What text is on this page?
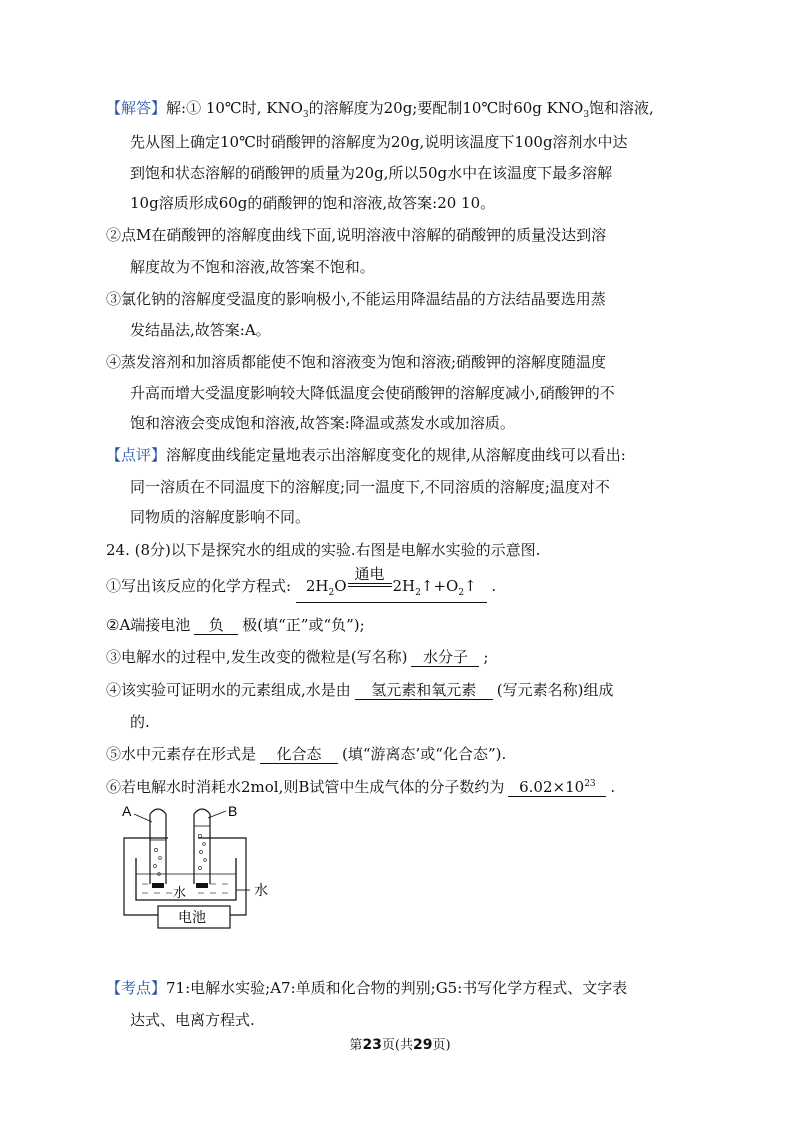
【解答】解:① 10℃时, $KNO_3$的溶解度为20g;要配制10℃时60g $KNO_3$饱和溶液,
先从图上确定10℃时硝酸钾的溶解度为20g,说明该温度下100g溶剂水中达
到饱和状态溶解的硝酸钾的质量为20g,所以50g水中在该温度下最多溶解
10g溶质形成60g的硝酸钾的饱和溶液,故答案:20 10。
②点M在硝酸钾的溶解度曲线下面,说明溶液中溶解的硝酸钾的质量没达到溶
解度故为不饱和溶液,故答案不饱和。
③氯化钠的溶解度受温度的影响极小,不能运用降温结晶的方法结晶要选用蒸
发结晶法,故答案:A。
④蒸发溶剂和加溶质都能使不饱和溶液变为饱和溶液;硝酸钾的溶解度随温度
升高而增大受温度影响较大降低温度会使硝酸钾的溶解度减小,硝酸钾的不
饱和溶液会变成饱和溶液,故答案:降温或蒸发水或加溶质。
【点评】溶解度曲线能定量地表示出溶解度变化的规律,从溶解度曲线可以看出:
同一溶质在不同温度下的溶解度;同一温度下,不同溶质的溶解度;温度对不
同物质的溶解度影响不同。
24. (8分)以下是探究水的组成的实验.右图是电解水实验的示意图.
①写出该反应的化学方程式: $2H_2O$
通电
$2H_2↑+O_2↑$ .
②A端接电池 负 极(填“正”或“负”);
③电解水的过程中,发生改变的微粒是(写名称) 水分子 ;
④该实验可证明水的元素组成,水是由 氢元素和氧元素 (写元素名称)组成
的.
⑤水中元素存在形式是 化合态 (填“游离态’或“化合态”).
⑥若电解水时消耗水2mol,则B试管中生成气体的分子数约为 $6.02\times 10^{23}$ .
A	B
水	水
电池
【考点】71:电解水实验;A7:单质和化合物的判别;G5:书写化学方程式、文字表
达式、电离方程式.
第23页(共29页)
